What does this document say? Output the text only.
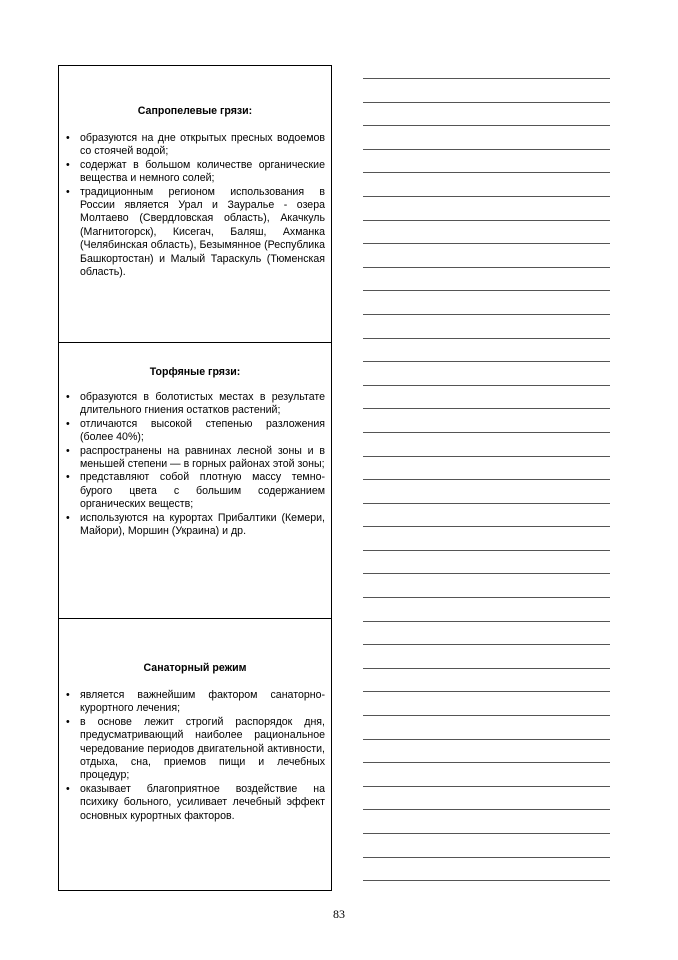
Сапропелевые грязи:
• образуются на дне открытых пресных водоемов со стоячей водой;
• содержат в большом количестве органические вещества и немного солей;
• традиционным регионом использования в России является Урал и Зауралье - озера Молтаево (Свердловская область), Акачкуль (Магнитогорск), Кисегач, Баляш, Ахманка (Челябинская область), Безымянное (Республика Башкортостан) и Малый Тараскуль (Тюменская область).
Торфяные грязи:
• образуются в болотистых местах в результате длительного гниения остатков растений;
• отличаются высокой степенью разложения (более 40%);
• распространены на равнинах лесной зоны и в меньшей степени — в горных районах этой зоны;
• представляют собой плотную массу темно-бурого цвета с большим содержанием органических веществ;
• используются на курортах Прибалтики (Кемери, Майори), Моршин (Украина) и др.
Санаторный режим
• является важнейшим фактором санаторно-курортного лечения;
• в основе лежит строгий распорядок дня, предусматривающий наиболее рациональное чередование периодов двигательной активности, отдыха, сна, приемов пищи и лечебных процедур;
• оказывает благоприятное воздействие на психику больного, усиливает лечебный эффект основных курортных факторов.
83
